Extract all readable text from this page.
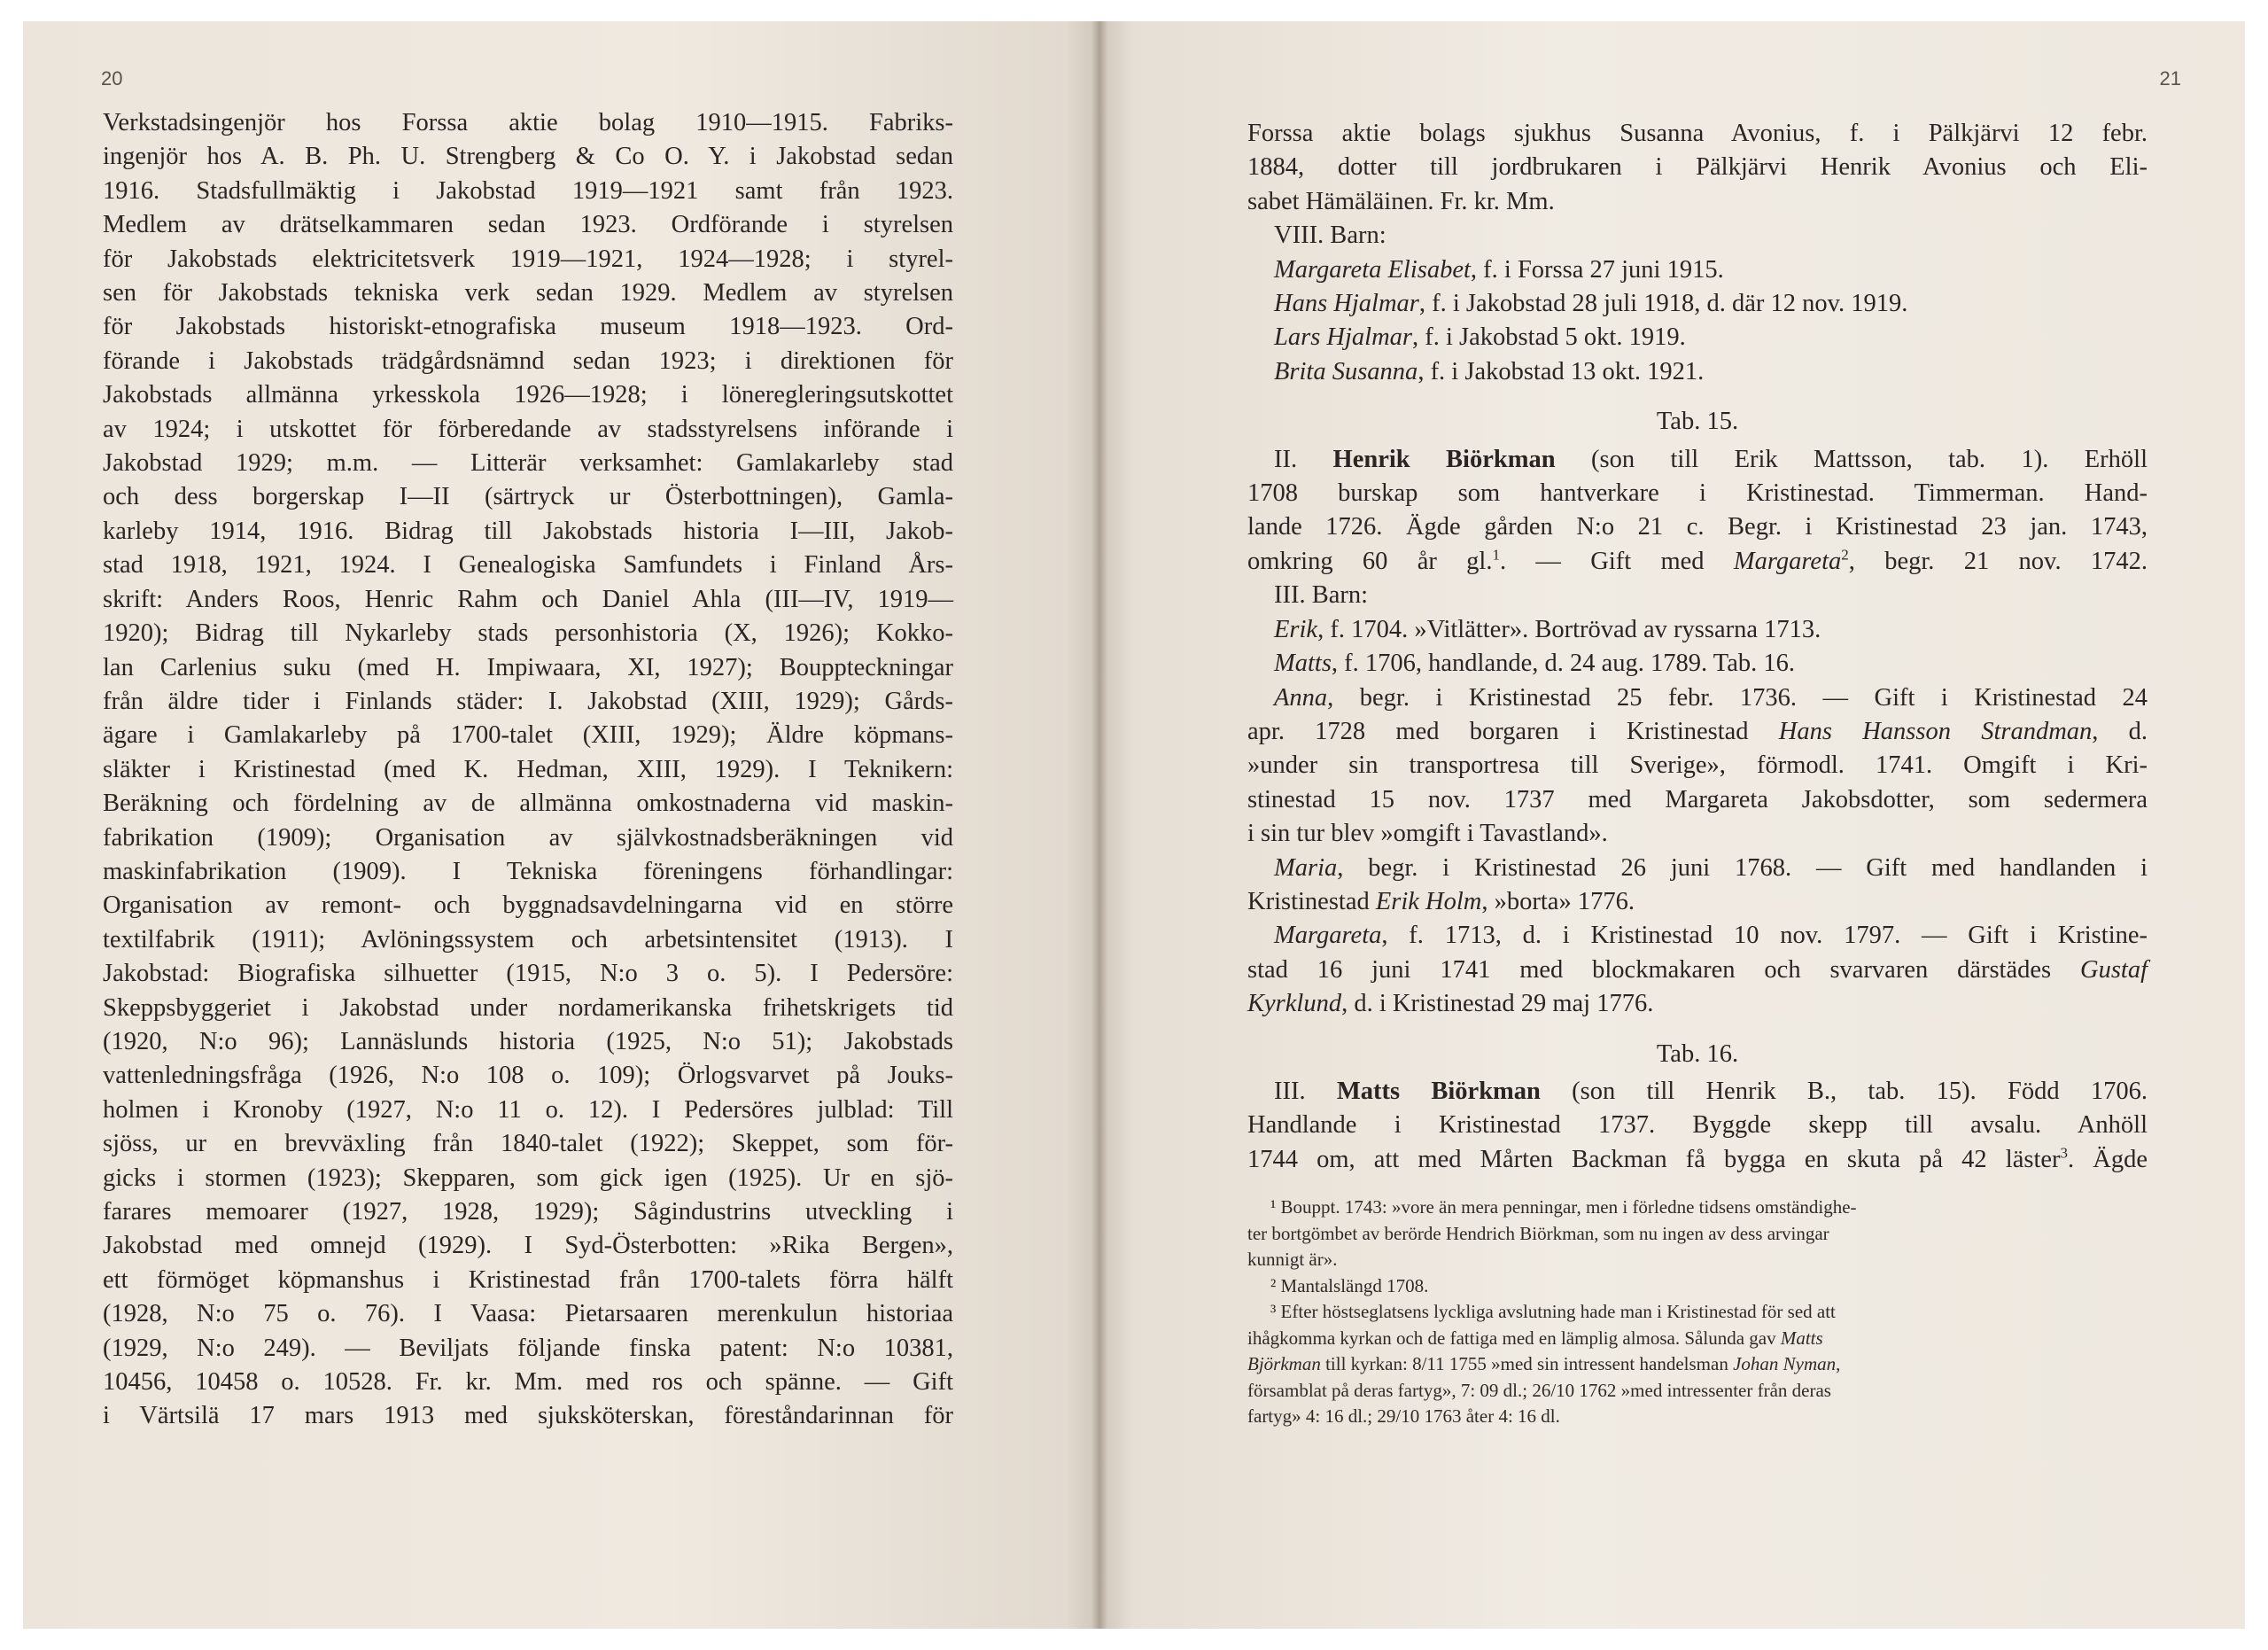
20
Verkstadsingenjör hos Forssa aktie bolag 1910—1915. Fabriks-
ingenjör hos A. B. Ph. U. Strengberg & Co O. Y. i Jakobstad sedan
1916. Stadsfullmäktig i Jakobstad 1919—1921 samt från 1923.
Medlem av drätselkammaren sedan 1923. Ordförande i styrelsen
för Jakobstads elektricitetsverk 1919—1921, 1924—1928; i styrel-
sen för Jakobstads tekniska verk sedan 1929. Medlem av styrelsen
för Jakobstads historiskt-etnografiska museum 1918—1923. Ord-
förande i Jakobstads trädgårdsnämnd sedan 1923; i direktionen för
Jakobstads allmänna yrkesskola 1926—1928; i löneregleringsutskottet
av 1924; i utskottet för förberedande av stadsstyrelsens införande i
Jakobstad 1929; m.m. — Litterär verksamhet: Gamlakarleby stad
och dess borgerskap I—II (särtryck ur Österbottningen), Gamla-
karleby 1914, 1916. Bidrag till Jakobstads historia I—III, Jakob-
stad 1918, 1921, 1924. I Genealogiska Samfundets i Finland Års-
skrift: Anders Roos, Henric Rahm och Daniel Ahla (III—IV, 1919—
1920); Bidrag till Nykarleby stads personhistoria (X, 1926); Kokko-
lan Carlenius suku (med H. Impiwaara, XI, 1927); Bouppteckningar
från äldre tider i Finlands städer: I. Jakobstad (XIII, 1929); Gårds-
ägare i Gamlakarleby på 1700-talet (XIII, 1929); Äldre köpmans-
släkter i Kristinestad (med K. Hedman, XIII, 1929). I Teknikern:
Beräkning och fördelning av de allmänna omkostnaderna vid maskin-
fabrikation (1909); Organisation av självkostnadsberäkningen vid
maskinfabrikation (1909). I Tekniska föreningens förhandlingar:
Organisation av remont- och byggnadsavdelningarna vid en större
textilfabrik (1911); Avlöningssystem och arbetsintensitet (1913). I
Jakobstad: Biografiska silhuetter (1915, N:o 3 o. 5). I Pedersöre:
Skeppsbyggeriet i Jakobstad under nordamerikanska frihetskrigets tid
(1920, N:o 96); Lannäslunds historia (1925, N:o 51); Jakobstads
vattenledningsfråga (1926, N:o 108 o. 109); Örlogsvarvet på Jouks-
holmen i Kronoby (1927, N:o 11 o. 12). I Pedersöres julblad: Till
sjöss, ur en brevväxling från 1840-talet (1922); Skeppet, som för-
gicks i stormen (1923); Skepparen, som gick igen (1925). Ur en sjö-
farares memoarer (1927, 1928, 1929); Sågindustrins utveckling i
Jakobstad med omnejd (1929). I Syd-Österbotten: »Rika Bergen»,
ett förmöget köpmanshus i Kristinestad från 1700-talets förra hälft
(1928, N:o 75 o. 76). I Vaasa: Pietarsaaren merenkulun historiaa
(1929, N:o 249). — Beviljats följande finska patent: N:o 10381,
10456, 10458 o. 10528. Fr. kr. Mm. med ros och spänne. — Gift
i Värtsilä 17 mars 1913 med sjuksköterskan, föreståndarinnan för
21
Forssa aktie bolags sjukhus Susanna Avonius, f. i Pälkjärvi 12 febr.
1884, dotter till jordbrukaren i Pälkjärvi Henrik Avonius och Eli-
sabet Hämäläinen. Fr. kr. Mm.
VIII. Barn:
Margareta Elisabet, f. i Forssa 27 juni 1915.
Hans Hjalmar, f. i Jakobstad 28 juli 1918, d. där 12 nov. 1919.
Lars Hjalmar, f. i Jakobstad 5 okt. 1919.
Brita Susanna, f. i Jakobstad 13 okt. 1921.
Tab. 15.
II. Henrik Biörkman (son till Erik Mattsson, tab. 1). Erhöll
1708 burskap som hantverkare i Kristinestad. Timmerman. Hand-
lande 1726. Ägde gården N:o 21 c. Begr. i Kristinestad 23 jan. 1743,
omkring 60 år gl.$^1$. — Gift med Margareta$^2$, begr. 21 nov. 1742.
III. Barn:
Erik, f. 1704. »Vitlätter». Bortrövad av ryssarna 1713.
Matts, f. 1706, handlande, d. 24 aug. 1789. Tab. 16.
Anna, begr. i Kristinestad 25 febr. 1736. — Gift i Kristinestad 24
apr. 1728 med borgaren i Kristinestad Hans Hansson Strandman, d.
»under sin transportresa till Sverige», förmodl. 1741. Omgift i Kri-
stinestad 15 nov. 1737 med Margareta Jakobsdotter, som sedermera
i sin tur blev »omgift i Tavastland».
Maria, begr. i Kristinestad 26 juni 1768. — Gift med handlanden i
Kristinestad Erik Holm, »borta» 1776.
Margareta, f. 1713, d. i Kristinestad 10 nov. 1797. — Gift i Kristine-
stad 16 juni 1741 med blockmakaren och svarvaren därstädes Gustaf
Kyrklund, d. i Kristinestad 29 maj 1776.
Tab. 16.
III. Matts Biörkman (son till Henrik B., tab. 15). Född 1706.
Handlande i Kristinestad 1737. Byggde skepp till avsalu. Anhöll
1744 om, att med Mårten Backman få bygga en skuta på 42 läster$^3$. Ägde
¹ Bouppt. 1743: »vore än mera penningar, men i förledne tidsens omständighe-
ter bortgömbet av berörde Hendrich Biörkman, som nu ingen av dess arvingar
kunnigt är».
² Mantalslängd 1708.
³ Efter höstseglatsens lyckliga avslutning hade man i Kristinestad för sed att
ihågkomma kyrkan och de fattiga med en lämplig almosa. Sålunda gav Matts
Björkman till kyrkan: 8/11 1755 »med sin intressent handelsman Johan Nyman,
församblat på deras fartyg», 7: 09 dl.; 26/10 1762 »med intressenter från deras
fartyg» 4: 16 dl.; 29/10 1763 åter 4: 16 dl.
